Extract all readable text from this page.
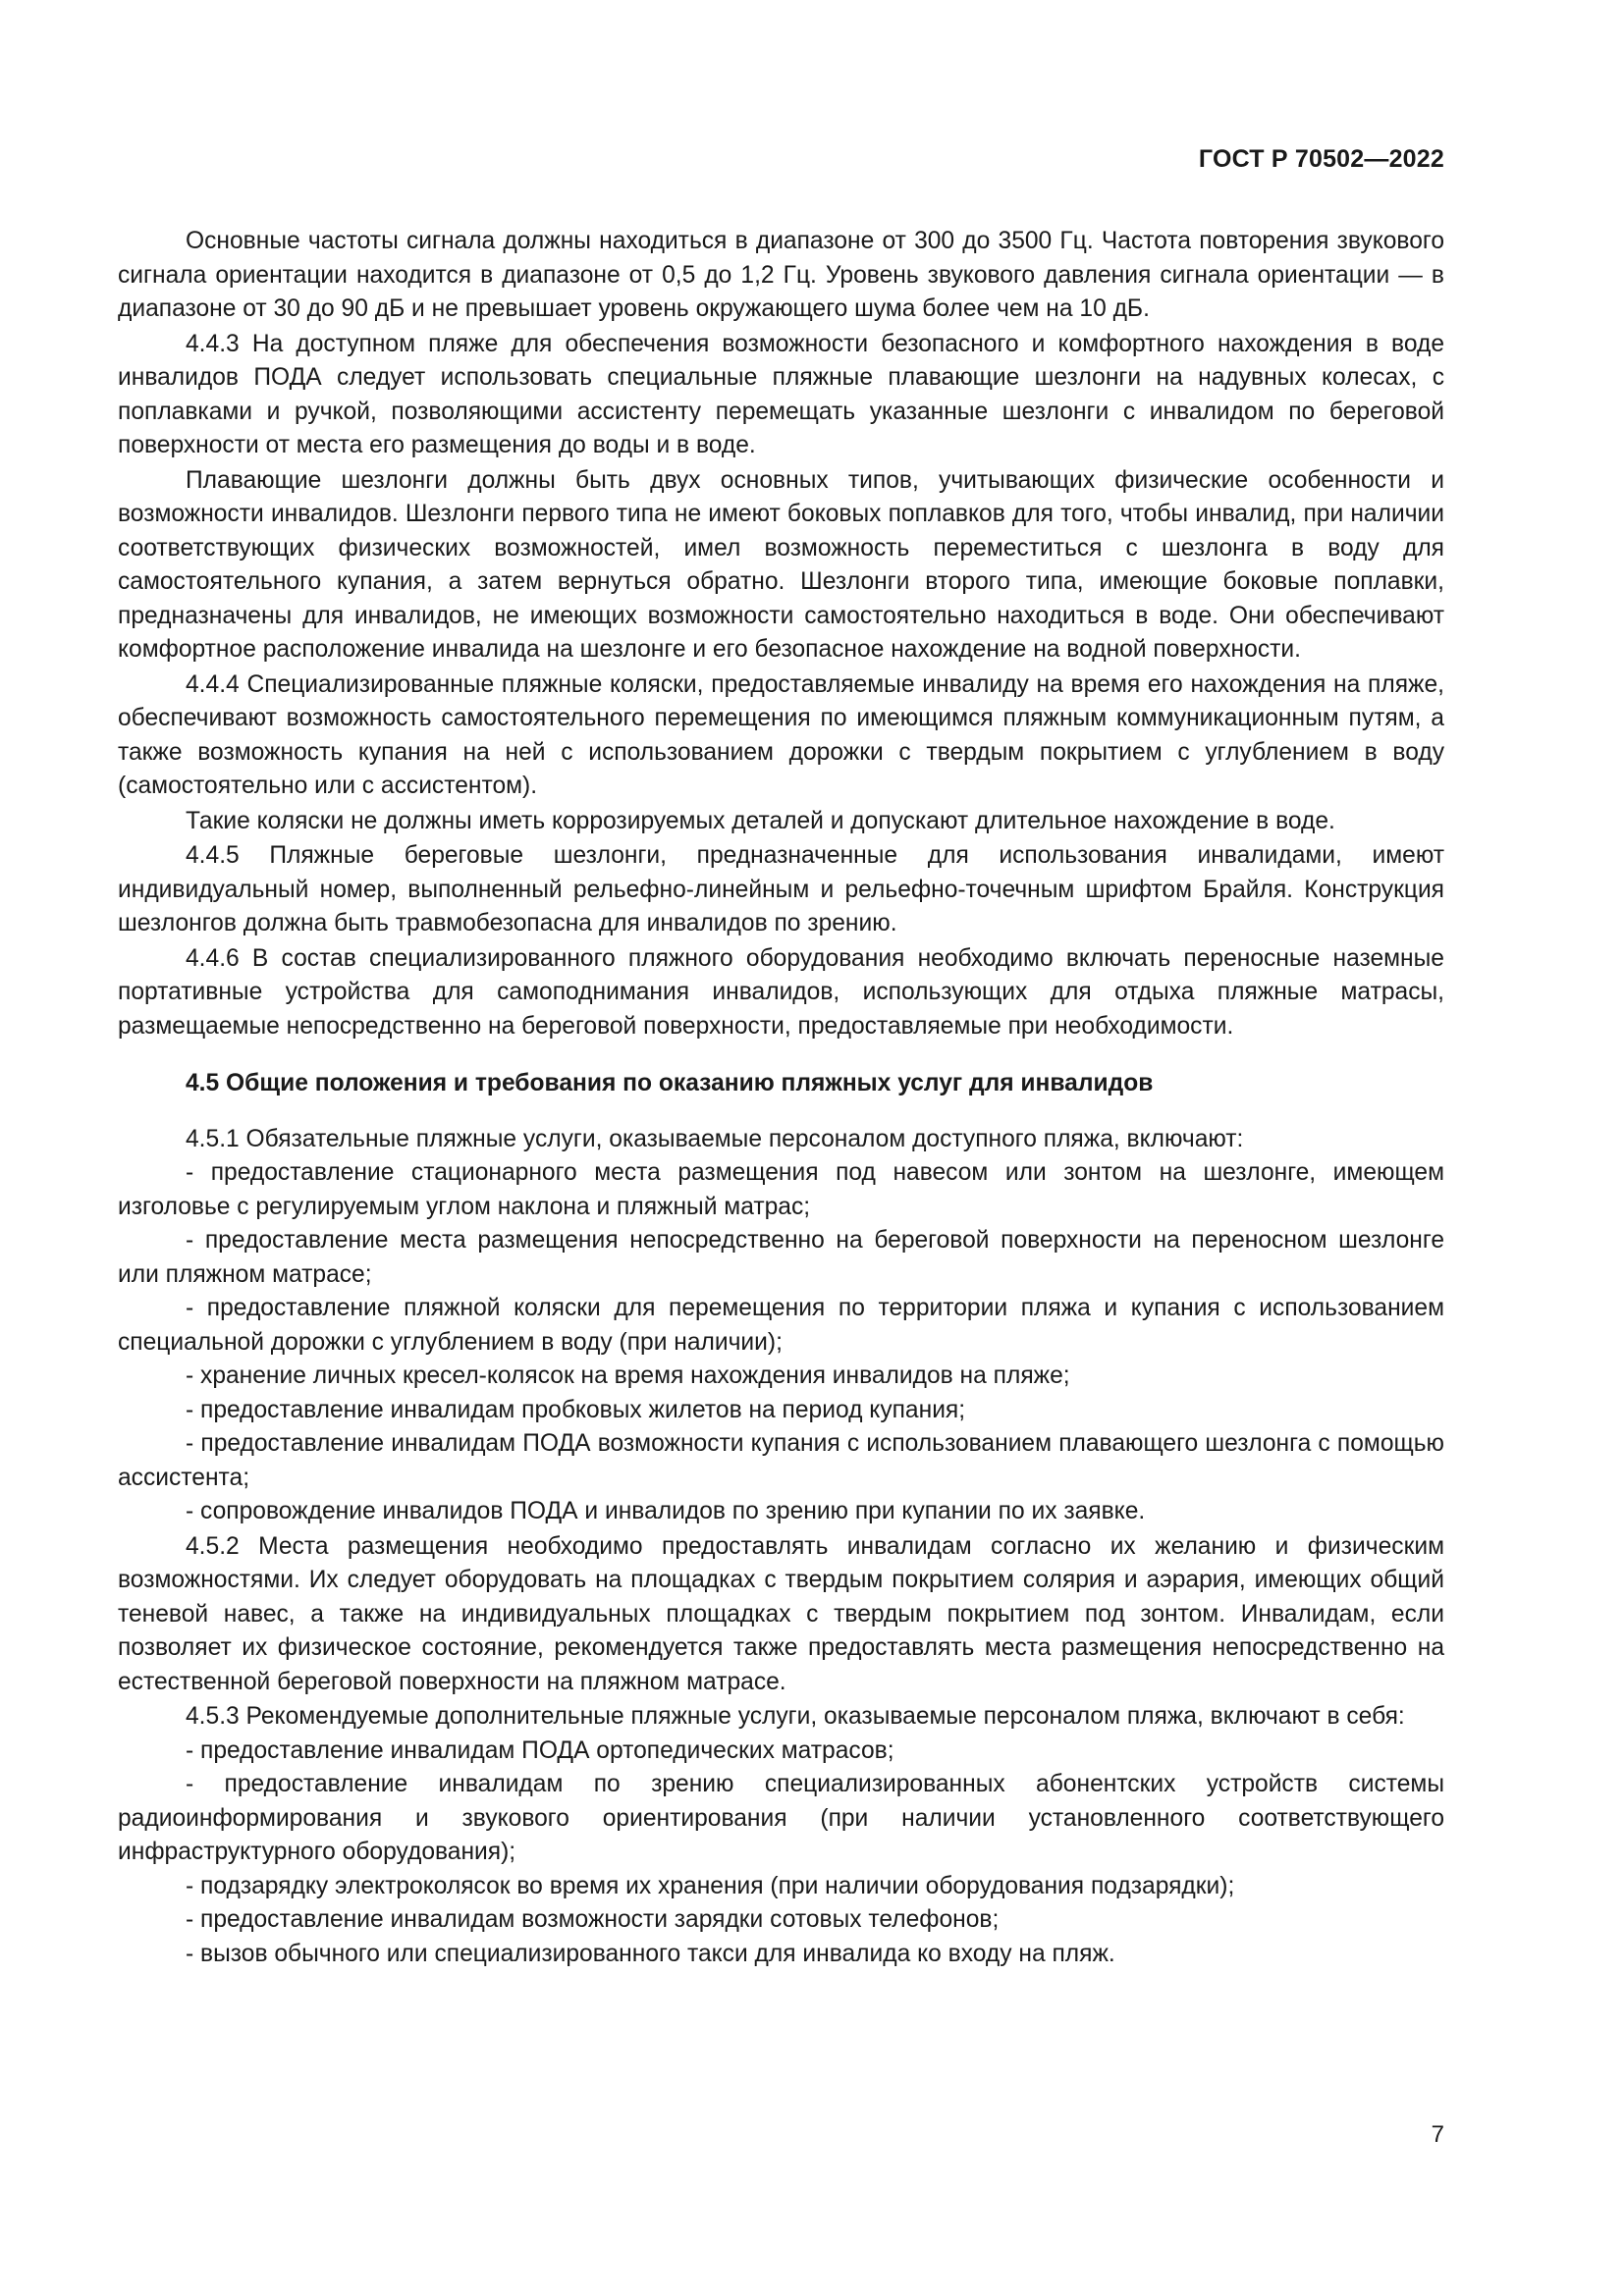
ГОСТ Р 70502—2022

Основные частоты сигнала должны находиться в диапазоне от 300 до 3500 Гц. Частота повторения звукового сигнала ориентации находится в диапазоне от 0,5 до 1,2 Гц. Уровень звукового давления сигнала ориентации — в диапазоне от 30 до 90 дБ и не превышает уровень окружающего шума более чем на 10 дБ.

4.4.3 На доступном пляже для обеспечения возможности безопасного и комфортного нахождения в воде инвалидов ПОДА следует использовать специальные пляжные плавающие шезлонги на надувных колесах, с поплавками и ручкой, позволяющими ассистенту перемещать указанные шезлонги с инвалидом по береговой поверхности от места его размещения до воды и в воде.

Плавающие шезлонги должны быть двух основных типов, учитывающих физические особенности и возможности инвалидов. Шезлонги первого типа не имеют боковых поплавков для того, чтобы инвалид, при наличии соответствующих физических возможностей, имел возможность переместиться с шезлонга в воду для самостоятельного купания, а затем вернуться обратно. Шезлонги второго типа, имеющие боковые поплавки, предназначены для инвалидов, не имеющих возможности самостоятельно находиться в воде. Они обеспечивают комфортное расположение инвалида на шезлонге и его безопасное нахождение на водной поверхности.

4.4.4 Специализированные пляжные коляски, предоставляемые инвалиду на время его нахождения на пляже, обеспечивают возможность самостоятельного перемещения по имеющимся пляжным коммуникационным путям, а также возможность купания на ней с использованием дорожки с твердым покрытием с углублением в воду (самостоятельно или с ассистентом).

Такие коляски не должны иметь коррозируемых деталей и допускают длительное нахождение в воде.

4.4.5 Пляжные береговые шезлонги, предназначенные для использования инвалидами, имеют индивидуальный номер, выполненный рельефно-линейным и рельефно-точечным шрифтом Брайля. Конструкция шезлонгов должна быть травмобезопасна для инвалидов по зрению.

4.4.6 В состав специализированного пляжного оборудования необходимо включать переносные наземные портативные устройства для самоподнимания инвалидов, использующих для отдыха пляжные матрасы, размещаемые непосредственно на береговой поверхности, предоставляемые при необходимости.

4.5 Общие положения и требования по оказанию пляжных услуг для инвалидов

4.5.1 Обязательные пляжные услуги, оказываемые персоналом доступного пляжа, включают:

- предоставление стационарного места размещения под навесом или зонтом на шезлонге, имеющем изголовье с регулируемым углом наклона и пляжный матрас;

- предоставление места размещения непосредственно на береговой поверхности на переносном шезлонге или пляжном матрасе;

- предоставление пляжной коляски для перемещения по территории пляжа и купания с использованием специальной дорожки с углублением в воду (при наличии);

- хранение личных кресел-колясок на время нахождения инвалидов на пляже;

- предоставление инвалидам пробковых жилетов на период купания;

- предоставление инвалидам ПОДА возможности купания с использованием плавающего шезлонга с помощью ассистента;

- сопровождение инвалидов ПОДА и инвалидов по зрению при купании по их заявке.

4.5.2 Места размещения необходимо предоставлять инвалидам согласно их желанию и физическим возможностями. Их следует оборудовать на площадках с твердым покрытием солярия и аэрария, имеющих общий теневой навес, а также на индивидуальных площадках с твердым покрытием под зонтом. Инвалидам, если позволяет их физическое состояние, рекомендуется также предоставлять места размещения непосредственно на естественной береговой поверхности на пляжном матрасе.

4.5.3 Рекомендуемые дополнительные пляжные услуги, оказываемые персоналом пляжа, включают в себя:

- предоставление инвалидам ПОДА ортопедических матрасов;

- предоставление инвалидам по зрению специализированных абонентских устройств системы радиоинформирования и звукового ориентирования (при наличии установленного соответствующего инфраструктурного оборудования);

- подзарядку электроколясок во время их хранения (при наличии оборудования подзарядки);

- предоставление инвалидам возможности зарядки сотовых телефонов;

- вызов обычного или специализированного такси для инвалида ко входу на пляж.

7
